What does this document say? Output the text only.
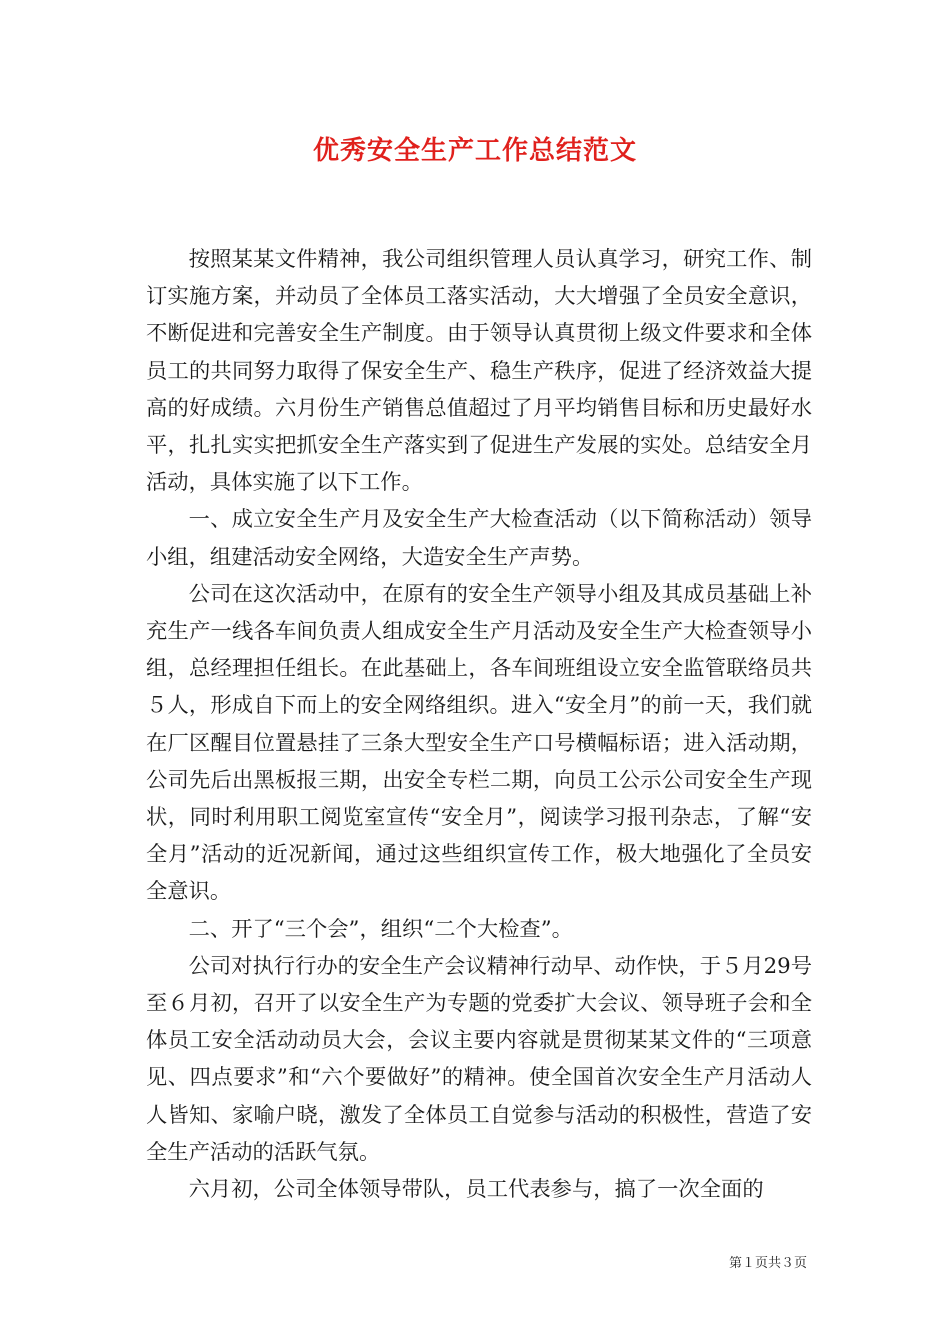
优秀安全生产工作总结范文

按照某某文件精神，我公司组织管理人员认真学习，研究工作、制订实施方案，并动员了全体员工落实活动，大大增强了全员安全意识，不断促进和完善安全生产制度。由于领导认真贯彻上级文件要求和全体员工的共同努力取得了保安全生产、稳生产秩序，促进了经济效益大提高的好成绩。六月份生产销售总值超过了月平均销售目标和历史最好水平，扎扎实实把抓安全生产落实到了促进生产发展的实处。总结安全月活动，具体实施了以下工作。

一、成立安全生产月及安全生产大检查活动（以下简称活动）领导小组，组建活动安全网络，大造安全生产声势。

公司在这次活动中，在原有的安全生产领导小组及其成员基础上补充生产一线各车间负责人组成安全生产月活动及安全生产大检查领导小组，总经理担任组长。在此基础上，各车间班组设立安全监管联络员共５人，形成自下而上的安全网络组织。进入“安全月”的前一天，我们就在厂区醒目位置悬挂了三条大型安全生产口号横幅标语；进入活动期，公司先后出黑板报三期，出安全专栏二期，向员工公示公司安全生产现状，同时利用职工阅览室宣传“安全月”，阅读学习报刊杂志，了解“安全月”活动的近况新闻，通过这些组织宣传工作，极大地强化了全员安全意识。

二、开了“三个会”，组织“二个大检查”。

公司对执行行办的安全生产会议精神行动早、动作快，于５月29号至６月初，召开了以安全生产为专题的党委扩大会议、领导班子会和全体员工安全活动动员大会，会议主要内容就是贯彻某某文件的“三项意见、四点要求”和“六个要做好”的精神。使全国首次安全生产月活动人人皆知、家喻户晓，激发了全体员工自觉参与活动的积极性，营造了安全生产活动的活跃气氛。

六月初，公司全体领导带队，员工代表参与，搞了一次全面的

第１页共３页
